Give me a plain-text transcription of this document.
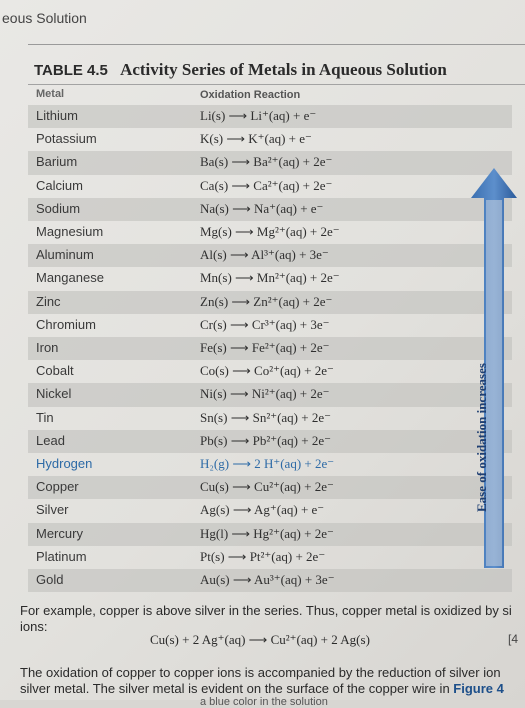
eous Solution
TABLE 4.5 Activity Series of Metals in Aqueous Solution
Metal	Oxidation Reaction
Lithium	Li(s) ⟶ Li⁺(aq) + e⁻
Potassium	K(s) ⟶ K⁺(aq) + e⁻
Barium	Ba(s) ⟶ Ba²⁺(aq) + 2e⁻
Calcium	Ca(s) ⟶ Ca²⁺(aq) + 2e⁻
Sodium	Na(s) ⟶ Na⁺(aq) + e⁻
Magnesium	Mg(s) ⟶ Mg²⁺(aq) + 2e⁻
Aluminum	Al(s) ⟶ Al³⁺(aq) + 3e⁻
Manganese	Mn(s) ⟶ Mn²⁺(aq) + 2e⁻
Zinc	Zn(s) ⟶ Zn²⁺(aq) + 2e⁻
Chromium	Cr(s) ⟶ Cr³⁺(aq) + 3e⁻
Iron	Fe(s) ⟶ Fe²⁺(aq) + 2e⁻
Cobalt	Co(s) ⟶ Co²⁺(aq) + 2e⁻
Nickel	Ni(s) ⟶ Ni²⁺(aq) + 2e⁻
Tin	Sn(s) ⟶ Sn²⁺(aq) + 2e⁻
Lead	Pb(s) ⟶ Pb²⁺(aq) + 2e⁻
Hydrogen	H₂(g) ⟶ 2 H⁺(aq) + 2e⁻
Copper	Cu(s) ⟶ Cu²⁺(aq) + 2e⁻
Silver	Ag(s) ⟶ Ag⁺(aq) + e⁻
Mercury	Hg(l) ⟶ Hg²⁺(aq) + 2e⁻
Platinum	Pt(s) ⟶ Pt²⁺(aq) + 2e⁻
Gold	Au(s) ⟶ Au³⁺(aq) + 3e⁻
Ease of oxidation increases
For example, copper is above silver in the series. Thus, copper metal is oxidized by si
ions:
Cu(s) + 2 Ag⁺(aq) ⟶ Cu²⁺(aq) + 2 Ag(s)	[4
The oxidation of copper to copper ions is accompanied by the reduction of silver ion
silver metal. The silver metal is evident on the surface of the copper wire in Figure 4
a blue color in the solution
